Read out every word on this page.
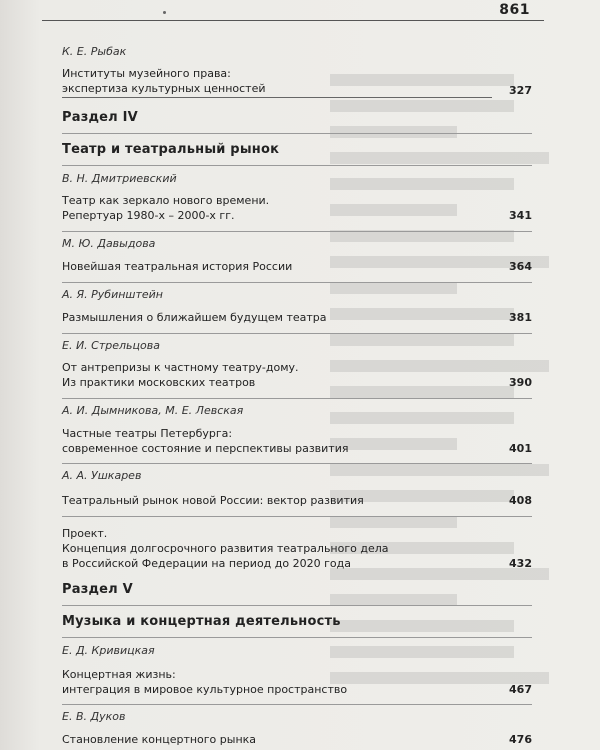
861
К. Е. Рыбак
Институты музейного права:
экспертиза культурных ценностей	327
Раздел IV
Театр и театральный рынок
В. Н. Дмитриевский
Театр как зеркало нового времени.
Репертуар 1980-х – 2000-х гг.	341
М. Ю. Давыдова
Новейшая театральная история России	364
А. Я. Рубинштейн
Размышления о ближайшем будущем театра	381
Е. И. Стрельцова
От антрепризы к частному театру-дому.
Из практики московских театров	390
А. И. Дымникова, М. Е. Левская
Частные театры Петербурга:
современное состояние и перспективы развития	401
А. А. Ушкарев
Театральный рынок новой России: вектор развития	408
Проект.
Концепция долгосрочного развития театрального дела
в Российской Федерации на период до 2020 года	432
Раздел V
Музыка и концертная деятельность
Е. Д. Кривицкая
Концертная жизнь:
интеграция в мировое культурное пространство	467
Е. В. Дуков
Становление концертного рынка	476
